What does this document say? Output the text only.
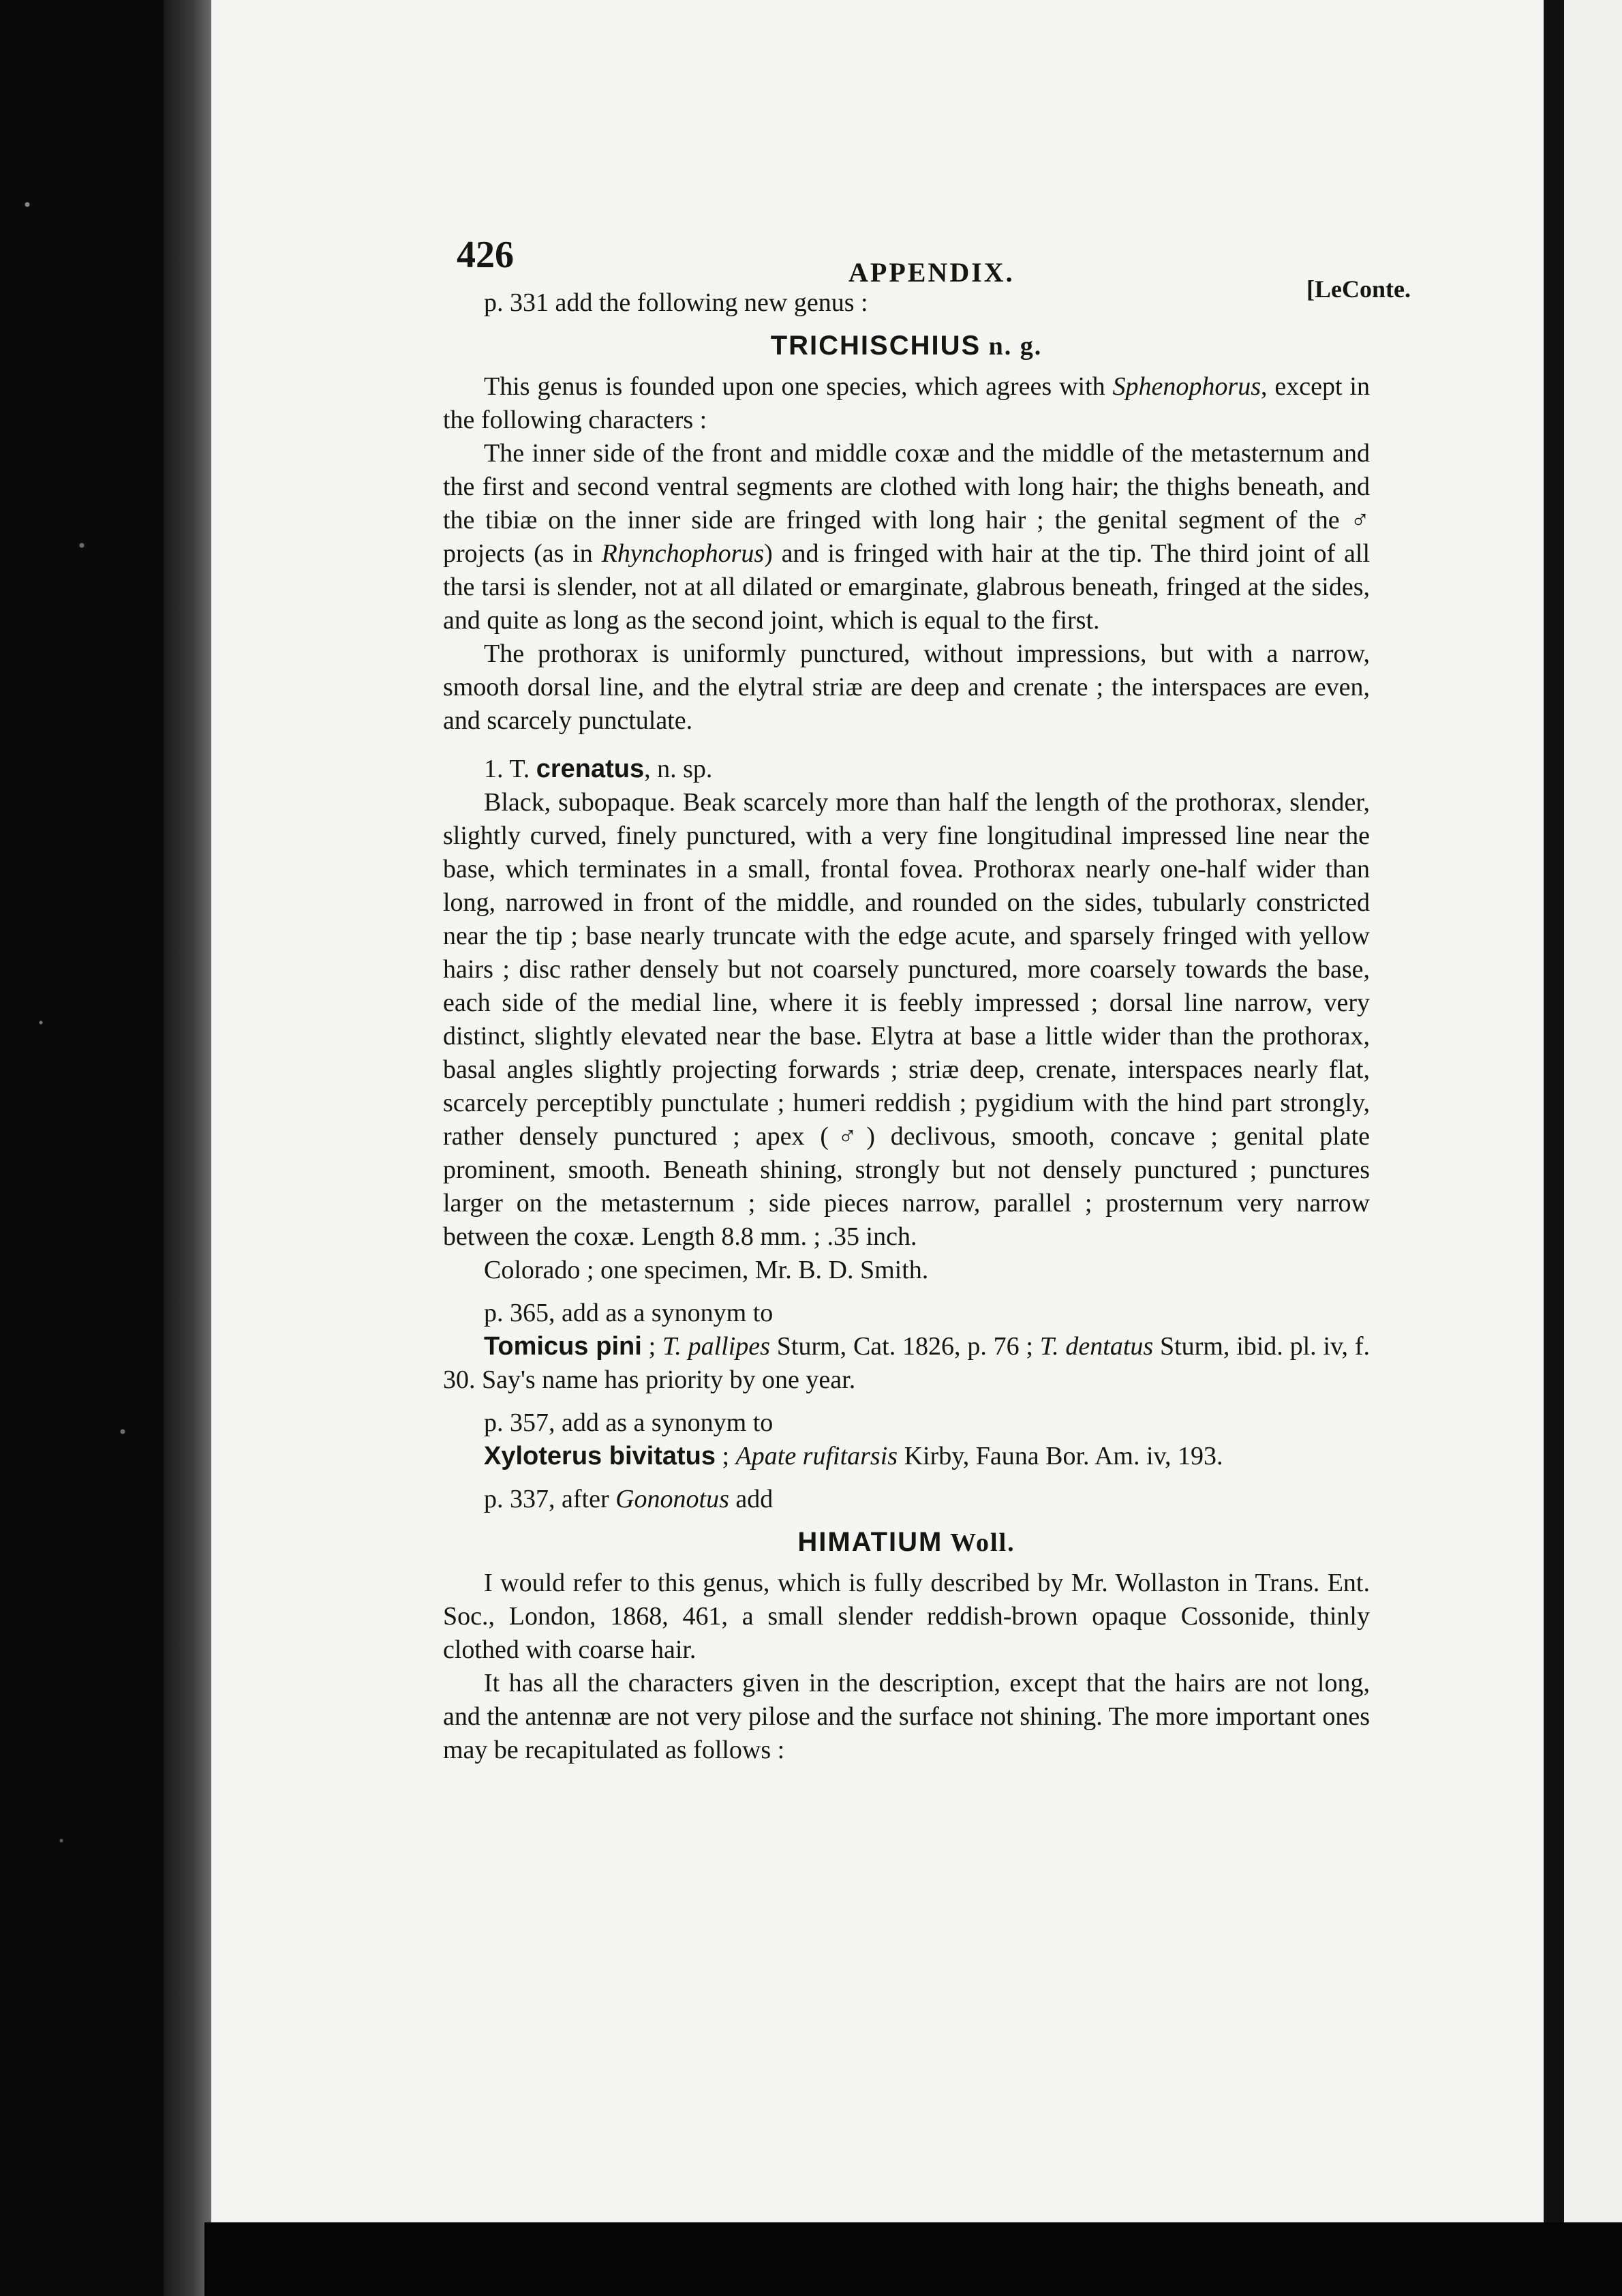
426	APPENDIX.
[LeConte.

p. 331 add the following new genus :

TRICHISCHIUS n. g.

This genus is founded upon one species, which agrees with Sphenophorus, except in the following characters :

The inner side of the front and middle coxæ and the middle of the metasternum and the first and second ventral segments are clothed with long hair; the thighs beneath, and the tibiæ on the inner side are fringed with long hair ; the genital segment of the ♂ projects (as in Rhynchophorus) and is fringed with hair at the tip. The third joint of all the tarsi is slender, not at all dilated or emarginate, glabrous beneath, fringed at the sides, and quite as long as the second joint, which is equal to the first.

The prothorax is uniformly punctured, without impressions, but with a narrow, smooth dorsal line, and the elytral striæ are deep and crenate ; the interspaces are even, and scarcely punctulate.

1. T. crenatus, n. sp.

Black, subopaque. Beak scarcely more than half the length of the prothorax, slender, slightly curved, finely punctured, with a very fine longitudinal impressed line near the base, which terminates in a small, frontal fovea. Prothorax nearly one-half wider than long, narrowed in front of the middle, and rounded on the sides, tubularly constricted near the tip ; base nearly truncate with the edge acute, and sparsely fringed with yellow hairs ; disc rather densely but not coarsely punctured, more coarsely towards the base, each side of the medial line, where it is feebly impressed ; dorsal line narrow, very distinct, slightly elevated near the base. Elytra at base a little wider than the prothorax, basal angles slightly projecting forwards ; striæ deep, crenate, interspaces nearly flat, scarcely perceptibly punctulate ; humeri reddish ; pygidium with the hind part strongly, rather densely punctured ; apex (♂) declivous, smooth, concave ; genital plate prominent, smooth. Beneath shining, strongly but not densely punctured ; punctures larger on the metasternum ; side pieces narrow, parallel ; prosternum very narrow between the coxæ. Length 8.8 mm. ; .35 inch.

Colorado ; one specimen, Mr. B. D. Smith.

p. 365, add as a synonym to

Tomicus pini ; T. pallipes Sturm, Cat. 1826, p. 76 ; T. dentatus Sturm, ibid. pl. iv, f. 30. Say's name has priority by one year.

p. 357, add as a synonym to

Xyloterus bivitatus ; Apate rufitarsis Kirby, Fauna Bor. Am. iv, 193.

p. 337, after Gononotus add

HIMATIUM Woll.

I would refer to this genus, which is fully described by Mr. Wollaston in Trans. Ent. Soc., London, 1868, 461, a small slender reddish-brown opaque Cossonide, thinly clothed with coarse hair.

It has all the characters given in the description, except that the hairs are not long, and the antennæ are not very pilose and the surface not shining. The more important ones may be recapitulated as follows :
